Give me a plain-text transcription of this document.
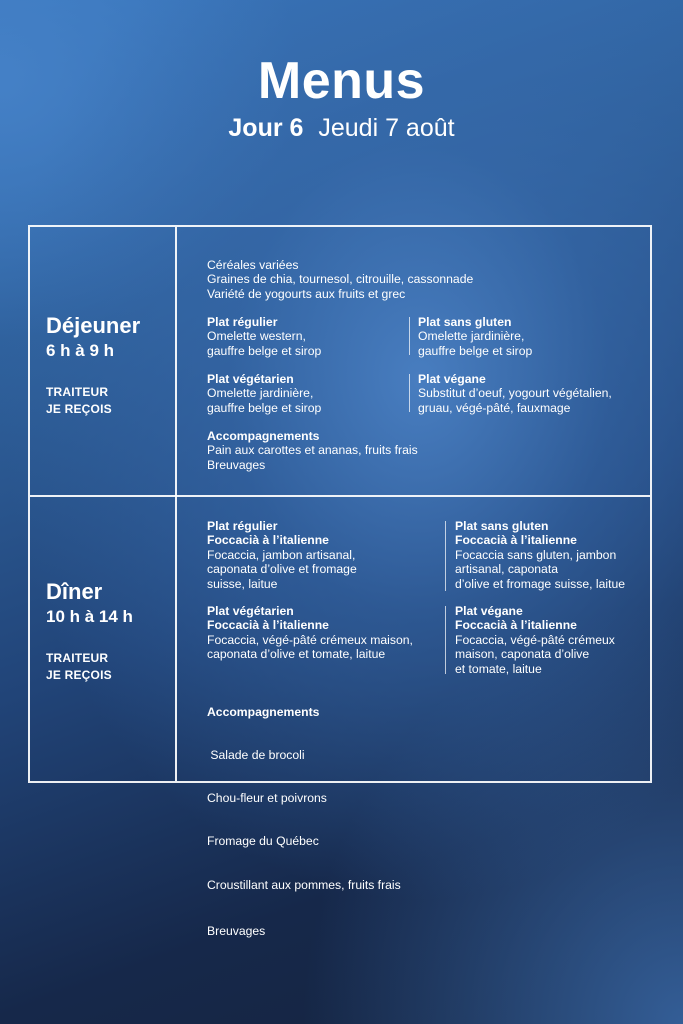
Menus
Jour 6 Jeudi 7 août
Déjeuner
6 h à 9 h
TRAITEUR
JE REÇOIS
Céréales variées
Graines de chia, tournesol, citrouille, cassonnade
Variété de yogourts aux fruits et grec
Plat régulier
Omelette western,
gauffre belge et sirop
Plat sans gluten
Omelette jardinière,
gauffre belge et sirop
Plat végétarien
Omelette jardinière,
gauffre belge et sirop
Plat végane
Substitut d’oeuf, yogourt végétalien,
gruau, végé-pâté, fauxmage
Accompagnements
Pain aux carottes et ananas, fruits frais
Breuvages
Dîner
10 h à 14 h
TRAITEUR
JE REÇOIS
Plat régulier
Foccacià à l’italienne
Focaccia, jambon artisanal,
caponata d’olive et fromage
suisse, laitue
Plat sans gluten
Foccacià à l’italienne
Focaccia sans gluten, jambon
artisanal, caponata
d’olive et fromage suisse, laitue
Plat végétarien
Foccacià à l’italienne
Focaccia, végé-pâté crémeux maison,
caponata d’olive et tomate, laitue
Plat végane
Foccacià à l’italienne
Focaccia, végé-pâté crémeux
maison, caponata d’olive
et tomate, laitue

Accompagnements

Salade de brocoli

Chou-fleur et poivrons

Fromage du Québec

Croustillant aux pommes, fruits frais

Breuvages
